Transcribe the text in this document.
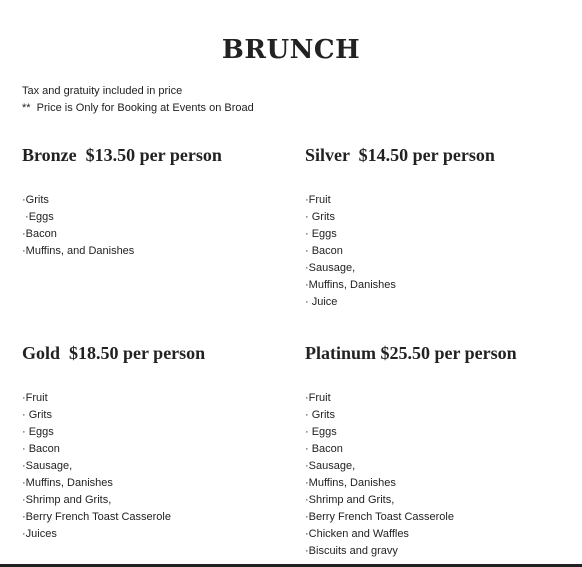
BRUNCH
Tax and gratuity included in price
**  Price is Only for Booking at Events on Broad
Bronze  $13.50 per person
·Grits
·Eggs
·Bacon
·Muffins, and Danishes
Silver  $14.50 per person
·Fruit
· Grits
· Eggs
· Bacon
·Sausage,
·Muffins, Danishes
· Juice
Gold  $18.50 per person
·Fruit
· Grits
· Eggs
· Bacon
·Sausage,
·Muffins, Danishes
·Shrimp and Grits,
·Berry French Toast Casserole
·Juices
Platinum $25.50 per person
·Fruit
· Grits
· Eggs
· Bacon
·Sausage,
·Muffins, Danishes
·Shrimp and Grits,
·Berry French Toast Casserole
·Chicken and Waffles
·Biscuits and gravy
